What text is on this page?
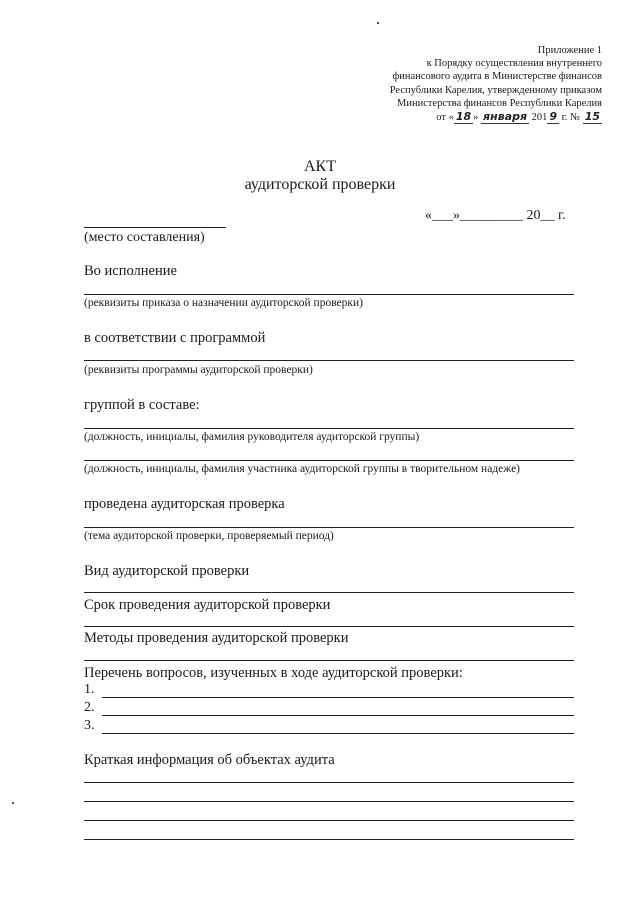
Приложение 1
к Порядку осуществления внутреннего
финансового аудита в Министерстве финансов
Республики Карелия, утвержденному приказом
Министерства финансов Республики Карелия
от « 18 » января 201 9 г. № 15
АКТ
аудиторской проверки
«___»_________ 20__ г.
(место составления)
Во исполнение
(реквизиты приказа о назначении аудиторской проверки)
в соответствии с программой
(реквизиты программы аудиторской проверки)
группой в составе:
(должность, инициалы, фамилия руководителя аудиторской группы)
(должность, инициалы, фамилия участника аудиторской группы в творительном надеже)
проведена аудиторская проверка
(тема аудиторской проверки, проверяемый период)
Вид аудиторской проверки
Срок проведения аудиторской проверки
Методы проведения аудиторской проверки
Перечень вопросов, изученных в ходе аудиторской проверки:
1.
2.
3.
Краткая информация об объектах аудита
